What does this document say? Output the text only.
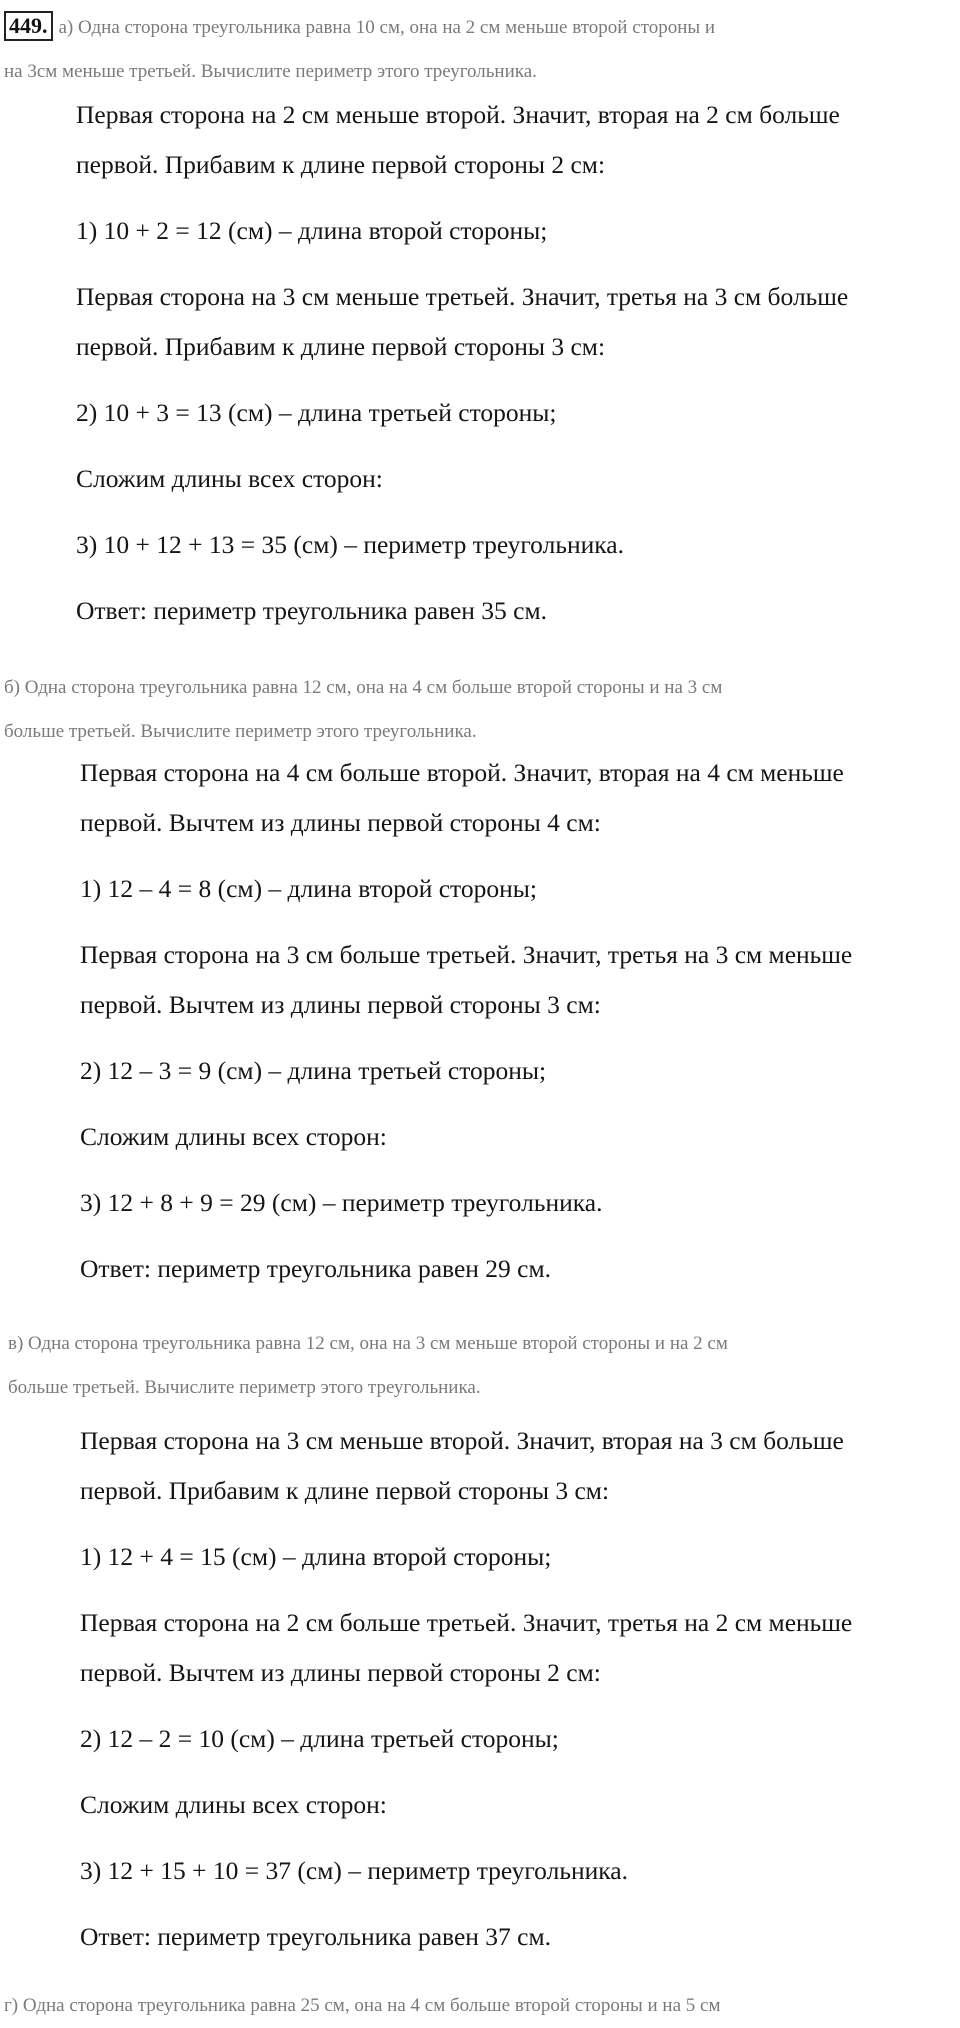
449. а) Одна сторона треугольника равна 10 см, она на 2 см меньше второй стороны и
на 3см меньше третьей. Вычислите периметр этого треугольника.

Первая сторона на 2 см меньше второй. Значит, вторая на 2 см больше

первой. Прибавим к длине первой стороны 2 см:

1) 10 + 2 = 12 (см) – длина второй стороны;

Первая сторона на 3 см меньше третьей. Значит, третья на 3 см больше

первой. Прибавим к длине первой стороны 3 см:

2) 10 + 3 = 13 (см) – длина третьей стороны;

Сложим длины всех сторон:

3) 10 + 12 + 13 = 35 (см) – периметр треугольника.

Ответ: периметр треугольника равен 35 см.

б) Одна сторона треугольника равна 12 см, она на 4 см больше второй стороны и на 3 см
больше третьей. Вычислите периметр этого треугольника.

Первая сторона на 4 см больше второй. Значит, вторая на 4 см меньше

первой. Вычтем из длины первой стороны 4 см:

1) 12 – 4 = 8 (см) – длина второй стороны;

Первая сторона на 3 см больше третьей. Значит, третья на 3 см меньше

первой. Вычтем из длины первой стороны 3 см:

2) 12 – 3 = 9 (см) – длина третьей стороны;

Сложим длины всех сторон:

3) 12 + 8 + 9 = 29 (см) – периметр треугольника.

Ответ: периметр треугольника равен 29 см.

в) Одна сторона треугольника равна 12 см, она на 3 см меньше второй стороны и на 2 см
больше третьей. Вычислите периметр этого треугольника.

Первая сторона на 3 см меньше второй. Значит, вторая на 3 см больше

первой. Прибавим к длине первой стороны 3 см:

1) 12 + 4 = 15 (см) – длина второй стороны;

Первая сторона на 2 см больше третьей. Значит, третья на 2 см меньше

первой. Вычтем из длины первой стороны 2 см:

2) 12 – 2 = 10 (см) – длина третьей стороны;

Сложим длины всех сторон:

3) 12 + 15 + 10 = 37 (см) – периметр треугольника.

Ответ: периметр треугольника равен 37 см.

г) Одна сторона треугольника равна 25 см, она на 4 см больше второй стороны и на 5 см
